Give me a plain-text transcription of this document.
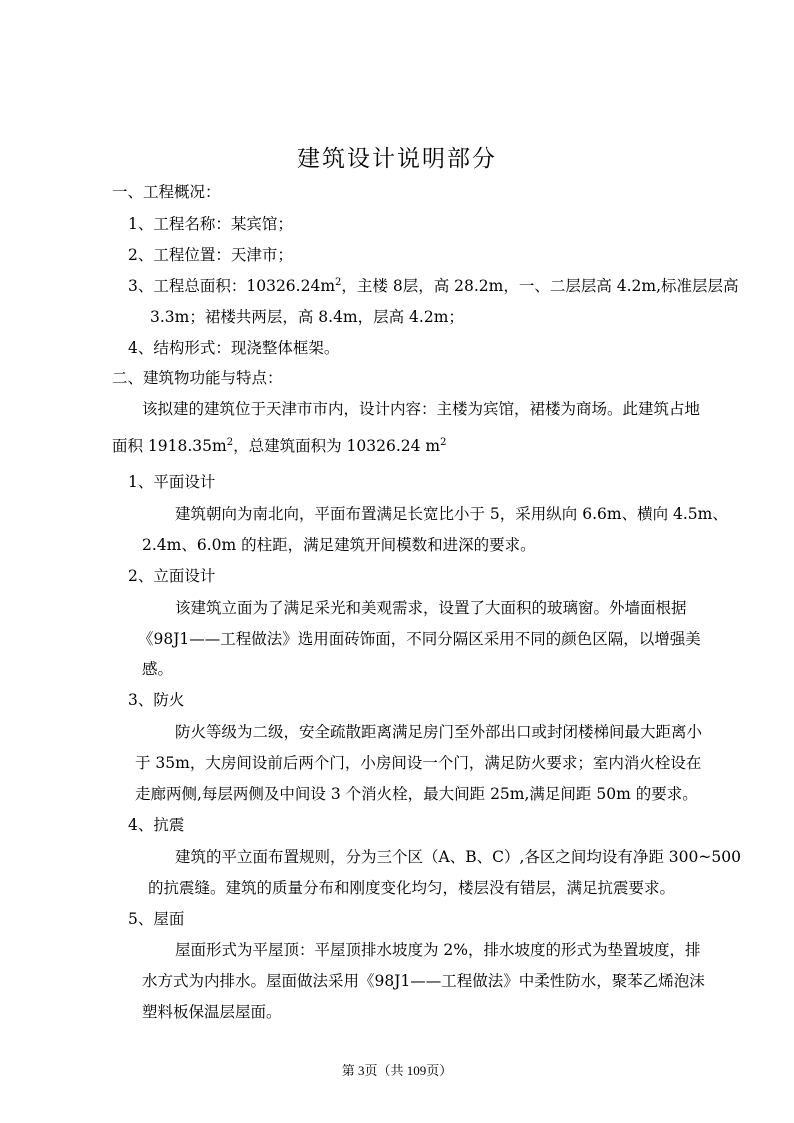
建筑设计说明部分
一、工程概况：
1、工程名称：某宾馆；
2、工程位置：天津市；
3、工程总面积：$10326.24m^2$，主楼 8层，高 28.2m，一、二层层高 4.2m,标准层层高
3.3m；裙楼共两层，高 8.4m，层高 4.2m；
4、结构形式：现浇整体框架。
二、建筑物功能与特点：
该拟建的建筑位于天津市市内，设计内容：主楼为宾馆，裙楼为商场。此建筑占地
面积 $1918.35m^2$，总建筑面积为 10326.24 $m^2$
1、平面设计
建筑朝向为南北向，平面布置满足长宽比小于 5，采用纵向 6.6m、横向 4.5m、
2.4m、6.0m 的柱距，满足建筑开间模数和进深的要求。
2、立面设计
该建筑立面为了满足采光和美观需求，设置了大面积的玻璃窗。外墙面根据
《98J1——工程做法》选用面砖饰面，不同分隔区采用不同的颜色区隔，以增强美
感。
3、防火
防火等级为二级，安全疏散距离满足房门至外部出口或封闭楼梯间最大距离小
于 35m，大房间设前后两个门，小房间设一个门，满足防火要求；室内消火栓设在
走廊两侧,每层两侧及中间设 3 个消火栓，最大间距 25m,满足间距 50m 的要求。
4、抗震
建筑的平立面布置规则，分为三个区（A、B、C）,各区之间均设有净距 300~500
的抗震缝。建筑的质量分布和刚度变化均匀，楼层没有错层，满足抗震要求。
5、屋面
屋面形式为平屋顶：平屋顶排水坡度为 2%，排水坡度的形式为垫置坡度，排
水方式为内排水。屋面做法采用《98J1——工程做法》中柔性防水，聚苯乙烯泡沫
塑料板保温层屋面。
第 3页（共 109页）
